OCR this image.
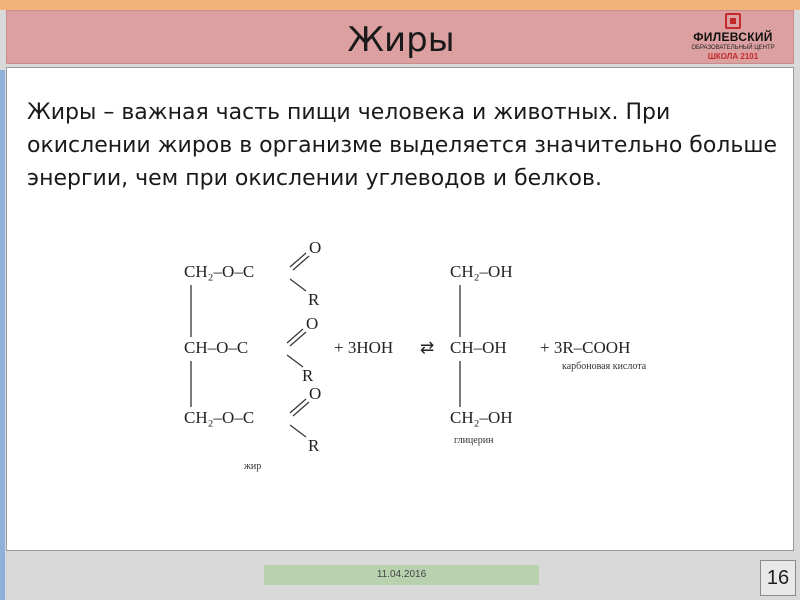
Жиры	ФИЛЕВСКИЙ
ОБРАЗОВАТЕЛЬНЫЙ ЦЕНТР
ШКОЛА 2101

Жиры – важная часть пищи человека и животных. При окислении жиров в организме выделяется значительно больше энергии, чем при окислении углеводов и белков.

CH₂–O–C
CH–O–C
CH₂–O–C
O
R
O
R
O
R
жир
+ 3HOH ⇄
CH₂–OH
CH–OH
CH₂–OH
глицерин
+ 3R–COOH
карбоновая кислота
11.04.2016	16
